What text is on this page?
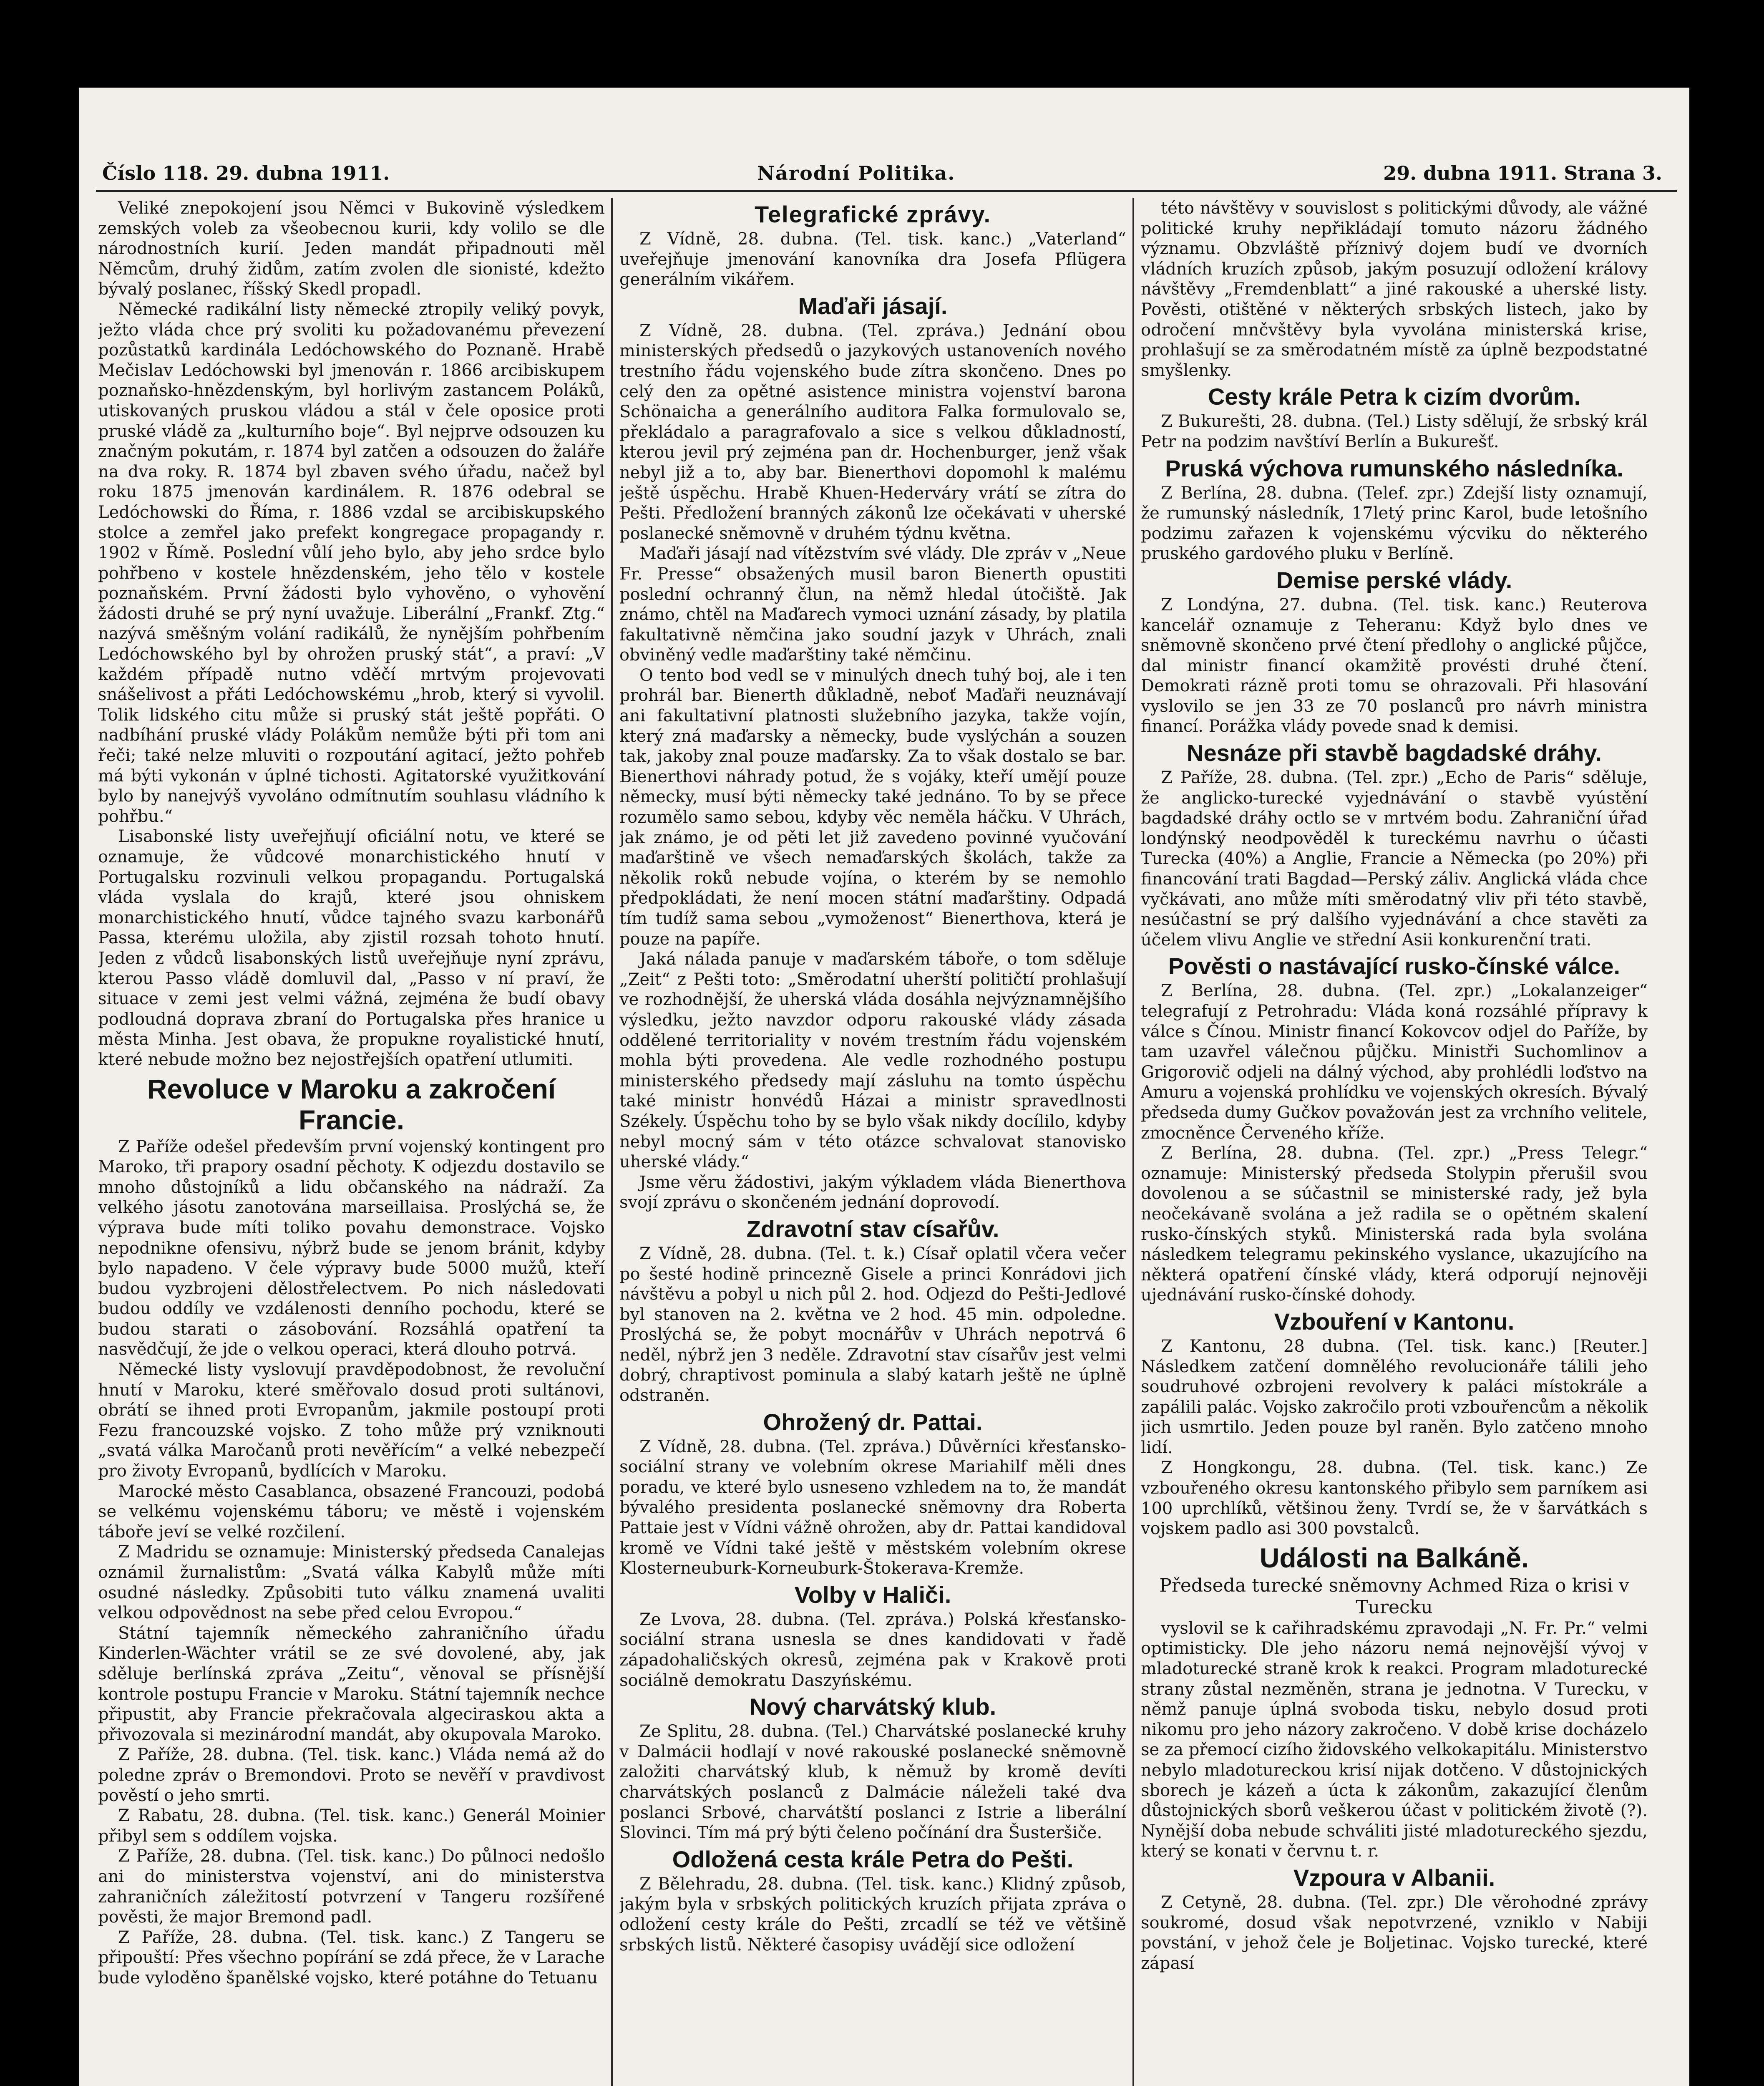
Číslo 118. 29. dubna 1911.	Národní Politika.	29. dubna 1911. Strana 3.

Veliké znepokojení jsou Němci v Bukovině výsledkem zemských voleb za všeobecnou kurii, kdy volilo se dle národnostních kurií. Jeden mandát připadnouti měl Němcům, druhý židům, zatím zvolen dle sionisté, kdežto bývalý poslanec, říšský Skedl propadl.

Německé radikální listy německé ztropily veliký povyk, ježto vláda chce prý svoliti ku požadovanému převezení pozůstatků kardinála Ledóchowského do Poznaně. Hrabě Mečislav Ledóchowski byl jmenován r. 1866 arcibiskupem poznaňsko-hnězdenským, byl horlivým zastancem Poláků, utiskovaných pruskou vládou a stál v čele oposice proti pruské vládě za „kulturního boje“. Byl nejprve odsouzen ku značným pokutám, r. 1874 byl zatčen a odsouzen do žaláře na dva roky. R. 1874 byl zbaven svého úřadu, načež byl roku 1875 jmenován kardinálem. R. 1876 odebral se Ledóchowski do Říma, r. 1886 vzdal se arcibiskupského stolce a zemřel jako prefekt kongregace propagandy r. 1902 v Římě. Poslední vůlí jeho bylo, aby jeho srdce bylo pohřbeno v kostele hnězdenském, jeho tělo v kostele poznaňském. První žádosti bylo vyhověno, o vyhovění žádosti druhé se prý nyní uvažuje. Liberální „Frankf. Ztg.“ nazývá směšným volání radikálů, že nynějším pohřbením Ledóchowského byl by ohrožen pruský stát“, a praví: „V každém případě nutno vděčí mrtvým projevovati snášelivost a přáti Ledóchowskému „hrob, který si vyvolil. Tolik lidského citu může si pruský stát ještě popřáti. O nadbíhání pruské vlády Polákům nemůže býti při tom ani řeči; také nelze mluviti o rozpoutání agitací, ježto pohřeb má býti vykonán v úplné tichosti. Agitatorské využitkování bylo by nanejvýš vyvoláno odmítnutím souhlasu vládního k pohřbu.“

Lisabonské listy uveřejňují oficiální notu, ve které se oznamuje, že vůdcové monarchistického hnutí v Portugalsku rozvinuli velkou propagandu. Portugalská vláda vyslala do krajů, které jsou ohniskem monarchistického hnutí, vůdce tajného svazu karbonářů Passa, kterému uložila, aby zjistil rozsah tohoto hnutí. Jeden z vůdců lisabonských listů uveřejňuje nyní zprávu, kterou Passo vládě domluvil dal, „Passo v ní praví, že situace v zemi jest velmi vážná, zejména že budí obavy podloudná doprava zbraní do Portugalska přes hranice u města Minha. Jest obava, že propukne royalistické hnutí, které nebude možno bez nejostřejších opatření utlumiti.

Revoluce v Maroku a zakročení Francie.

Z Paříže odešel především první vojenský kontingent pro Maroko, tři prapory osadní pěchoty. K odjezdu dostavilo se mnoho důstojníků a lidu občanského na nádraží. Za velkého jásotu zanotována marseillaisa. Proslýchá se, že výprava bude míti toliko povahu demonstrace. Vojsko nepodnikne ofensivu, nýbrž bude se jenom bránit, kdyby bylo napadeno. V čele výpravy bude 5000 mužů, kteří budou vyzbrojeni dělostřelectvem. Po nich následovati budou oddíly ve vzdálenosti denního pochodu, které se budou starati o zásobování. Rozsáhlá opatření ta nasvědčují, že jde o velkou operaci, která dlouho potrvá.

Německé listy vyslovují pravděpodobnost, že revoluční hnutí v Maroku, které směřovalo dosud proti sultánovi, obrátí se ihned proti Evropanům, jakmile postoupí proti Fezu francouzské vojsko. Z toho může prý vzniknouti „svatá válka Maročanů proti nevěřícím“ a velké nebezpečí pro životy Evropanů, bydlících v Maroku.

Marocké město Casablanca, obsazené Francouzi, podobá se velkému vojenskému táboru; ve městě i vojenském táboře jeví se velké rozčilení.

Z Madridu se oznamuje: Ministerský předseda Canalejas oznámil žurnalistům: „Svatá válka Kabylů může míti osudné následky. Způsobiti tuto válku znamená uvaliti velkou odpovědnost na sebe před celou Evropou.“

Státní tajemník německého zahraničního úřadu Kinderlen-Wächter vrátil se ze své dovolené, aby, jak sděluje berlínská zpráva „Zeitu“, věnoval se přísnější kontrole postupu Francie v Maroku. Státní tajemník nechce připustit, aby Francie překračovala algeciraskou akta a přivozovala si mezinárodní mandát, aby okupovala Maroko.

Z Paříže, 28. dubna. (Tel. tisk. kanc.) Vláda nemá až do poledne zpráv o Bremondovi. Proto se nevěří v pravdivost pověstí o jeho smrti.

Z Rabatu, 28. dubna. (Tel. tisk. kanc.) Generál Moinier přibyl sem s oddílem vojska.

Z Paříže, 28. dubna. (Tel. tisk. kanc.) Do půlnoci nedošlo ani do ministerstva vojenství, ani do ministerstva zahraničních záležitostí potvrzení v Tangeru rozšířené pověsti, že major Bremond padl.

Z Paříže, 28. dubna. (Tel. tisk. kanc.) Z Tangeru se připouští: Přes všechno popírání se zdá přece, že v Larache bude vyloděno španělské vojsko, které potáhne do Tetuanu

Telegrafické zprávy.

Z Vídně, 28. dubna. (Tel. tisk. kanc.) „Vaterland“ uveřejňuje jmenování kanovníka dra Josefa Pflügera generálním vikářem.

Maďaři jásají.

Z Vídně, 28. dubna. (Tel. zpráva.) Jednání obou ministerských předsedů o jazykových ustanoveních nového trestního řádu vojenského bude zítra skončeno. Dnes po celý den za opětné asistence ministra vojenství barona Schönaicha a generálního auditora Falka formulovalo se, překládalo a paragrafovalo a sice s velkou důkladností, kterou jevil prý zejména pan dr. Hochenburger, jenž však nebyl již a to, aby bar. Bienerthovi dopomohl k malému ještě úspěchu. Hrabě Khuen-Hederváry vrátí se zítra do Pešti. Předložení branných zákonů lze očekávati v uherské poslanecké sněmovně v druhém týdnu května.

Maďaři jásají nad vítězstvím své vlády. Dle zpráv v „Neue Fr. Presse“ obsažených musil baron Bienerth opustiti poslední ochranný člun, na němž hledal útočiště. Jak známo, chtěl na Maďarech vymoci uznání zásady, by platila fakultativně němčina jako soudní jazyk v Uhrách, znali obviněný vedle maďarštiny také němčinu.

O tento bod vedl se v minulých dnech tuhý boj, ale i ten prohrál bar. Bienerth důkladně, neboť Maďaři neuznávají ani fakultativní platnosti služebního jazyka, takže vojín, který zná maďarsky a německy, bude vyslýchán a souzen tak, jakoby znal pouze maďarsky. Za to však dostalo se bar. Bienerthovi náhrady potud, že s vojáky, kteří umějí pouze německy, musí býti německy také jednáno. To by se přece rozumělo samo sebou, kdyby věc neměla háčku. V Uhrách, jak známo, je od pěti let již zavedeno povinné vyučování maďarštině ve všech nemaďarských školách, takže za několik roků nebude vojína, o kterém by se nemohlo předpokládati, že není mocen státní maďarštiny. Odpadá tím tudíž sama sebou „vymoženost“ Bienerthova, která je pouze na papíře.

Jaká nálada panuje v maďarském táboře, o tom sděluje „Zeit“ z Pešti toto: „Směrodatní uherští političtí prohlašují ve rozhodnější, že uherská vláda dosáhla nejvýznamnějšího výsledku, ježto navzdor odporu rakouské vlády zásada oddělené territoriality v novém trestním řádu vojenském mohla býti provedena. Ale vedle rozhodného postupu ministerského předsedy mají zásluhu na tomto úspěchu také ministr honvédů Házai a ministr spravedlnosti Székely. Úspěchu toho by se bylo však nikdy docílilo, kdyby nebyl mocný sám v této otázce schvalovat stanovisko uherské vlády.“

Jsme věru žádostivi, jakým výkladem vláda Bienerthova svojí zprávu o skončeném jednání doprovodí.

Zdravotní stav císařův.

Z Vídně, 28. dubna. (Tel. t. k.) Císař oplatil včera večer po šesté hodině princezně Gisele a princi Konrádovi jich návštěvu a pobyl u nich půl 2. hod. Odjezd do Pešti-Jedlové byl stanoven na 2. května ve 2 hod. 45 min. odpoledne. Proslýchá se, že pobyt mocnářův v Uhrách nepotrvá 6 neděl, nýbrž jen 3 neděle. Zdravotní stav císařův jest velmi dobrý, chraptivost pominula a slabý katarh ještě ne úplně odstraněn.

Ohrožený dr. Pattai.

Z Vídně, 28. dubna. (Tel. zpráva.) Důvěrníci křesťansko-sociální strany ve volebním okrese Mariahilf měli dnes poradu, ve které bylo usneseno vzhledem na to, že mandát bývalého presidenta poslanecké sněmovny dra Roberta Pattaie jest v Vídni vážně ohrožen, aby dr. Pattai kandidoval kromě ve Vídni také ještě v městském volebním okrese Klosterneuburk-Korneuburk-Štokerava-Kremže.

Volby v Haliči.

Ze Lvova, 28. dubna. (Tel. zpráva.) Polská křesťansko-sociální strana usnesla se dnes kandidovati v řadě západohaličských okresů, zejména pak v Krakově proti sociálně demokratu Daszyńskému.

Nový charvátský klub.

Ze Splitu, 28. dubna. (Tel.) Charvátské poslanecké kruhy v Dalmácii hodlají v nové rakouské poslanecké sněmovně založiti charvátský klub, k němuž by kromě devíti charvátských poslanců z Dalmácie náleželi také dva poslanci Srbové, charvátští poslanci z Istrie a liberální Slovinci. Tím má prý býti čeleno počínání dra Šusteršiče.

Odložená cesta krále Petra do Pešti.

Z Bělehradu, 28. dubna. (Tel. tisk. kanc.) Klidný způsob, jakým byla v srbských politických kruzích přijata zpráva o odložení cesty krále do Pešti, zrcadlí se též ve většině srbských listů. Některé časopisy uvádějí sice odložení

této návštěvy v souvislost s politickými důvody, ale vážné politické kruhy nepřikládají tomuto názoru žádného významu. Obzvláště příznivý dojem budí ve dvorních vládních kruzích způsob, jakým posuzují odložení královy návštěvy „Fremdenblatt“ a jiné rakouské a uherské listy. Pověsti, otištěné v některých srbských listech, jako by odročení mnčvštěvy byla vyvolána ministerská krise, prohlašují se za směrodatném místě za úplně bezpodstatné smyšlenky.

Cesty krále Petra k cizím dvorům.

Z Bukurešti, 28. dubna. (Tel.) Listy sdělují, že srbský král Petr na podzim navštíví Berlín a Bukurešť.

Pruská výchova rumunského následníka.

Z Berlína, 28. dubna. (Telef. zpr.) Zdejší listy oznamují, že rumunský následník, 17letý princ Karol, bude letošního podzimu zařazen k vojenskému výcviku do některého pruského gardového pluku v Berlíně.

Demise perské vlády.

Z Londýna, 27. dubna. (Tel. tisk. kanc.) Reuterova kancelář oznamuje z Teheranu: Když bylo dnes ve sněmovně skončeno prvé čtení předlohy o anglické půjčce, dal ministr financí okamžitě provésti druhé čtení. Demokrati rázně proti tomu se ohrazovali. Při hlasování vyslovilo se jen 33 ze 70 poslanců pro návrh ministra financí. Porážka vlády povede snad k demisi.

Nesnáze při stavbě bagdadské dráhy.

Z Paříže, 28. dubna. (Tel. zpr.) „Echo de Paris“ sděluje, že anglicko-turecké vyjednávání o stavbě vyústění bagdadské dráhy octlo se v mrtvém bodu. Zahraniční úřad londýnský neodpověděl k tureckému navrhu o účasti Turecka (40%) a Anglie, Francie a Německa (po 20%) při financování trati Bagdad—Perský záliv. Anglická vláda chce vyčkávati, ano může míti směrodatný vliv při této stavbě, nesúčastní se prý dalšího vyjednávání a chce stavěti za účelem vlivu Anglie ve střední Asii konkurenční trati.

Pověsti o nastávající rusko-čínské válce.

Z Berlína, 28. dubna. (Tel. zpr.) „Lokalanzeiger“ telegrafují z Petrohradu: Vláda koná rozsáhlé přípravy k válce s Čínou. Ministr financí Kokovcov odjel do Paříže, by tam uzavřel válečnou půjčku. Ministři Suchomlinov a Grigorovič odjeli na dálný východ, aby prohlédli loďstvo na Amuru a vojenská prohlídku ve vojenských okresích. Bývalý předseda dumy Gučkov považován jest za vrchního velitele, zmocněnce Červeného kříže.

Z Berlína, 28. dubna. (Tel. zpr.) „Press Telegr.“ oznamuje: Ministerský předseda Stolypin přerušil svou dovolenou a se súčastnil se ministerské rady, jež byla neočekávaně svolána a jež radila se o opětném skalení rusko-čínských styků. Ministerská rada byla svolána následkem telegramu pekinského vyslance, ukazujícího na některá opatření čínské vlády, která odporují nejnověji ujednávání rusko-čínské dohody.

Vzbouření v Kantonu.

Z Kantonu, 28 dubna. (Tel. tisk. kanc.) [Reuter.] Následkem zatčení domnělého revolucionáře tálili jeho soudruhové ozbrojeni revolvery k paláci místokrále a zapálili palác. Vojsko zakročilo proti vzbouřencům a několik jich usmrtilo. Jeden pouze byl raněn. Bylo zatčeno mnoho lidí.

Z Hongkongu, 28. dubna. (Tel. tisk. kanc.) Ze vzbouřeného okresu kantonského přibylo sem parníkem asi 100 uprchlíků, většinou ženy. Tvrdí se, že v šarvátkách s vojskem padlo asi 300 povstalců.

Události na Balkáně.
Předseda turecké sněmovny Achmed Riza o krisi v Turecku

vyslovil se k cařihradskému zpravodaji „N. Fr. Pr.“ velmi optimisticky. Dle jeho názoru nemá nejnovější vývoj v mladoturecké straně krok k reakci. Program mladoturecké strany zůstal nezměněn, strana je jednotna. V Turecku, v němž panuje úplná svoboda tisku, nebylo dosud proti nikomu pro jeho názory zakročeno. V době krise docházelo se za přemocí cizího židovského velkokapitálu. Ministerstvo nebylo mladotureckou krisí nijak dotčeno. V důstojnických sborech je kázeň a úcta k zákonům, zakazující členům důstojnických sborů veškerou účast v politickém životě (?). Nynější doba nebude schváliti jisté mladotureckého sjezdu, který se konati v červnu t. r.

Vzpoura v Albanii.

Z Cetyně, 28. dubna. (Tel. zpr.) Dle věrohodné zprávy soukromé, dosud však nepotvrzené, vzniklo v Nabiji povstání, v jehož čele je Boljetinac. Vojsko turecké, které zápasí
